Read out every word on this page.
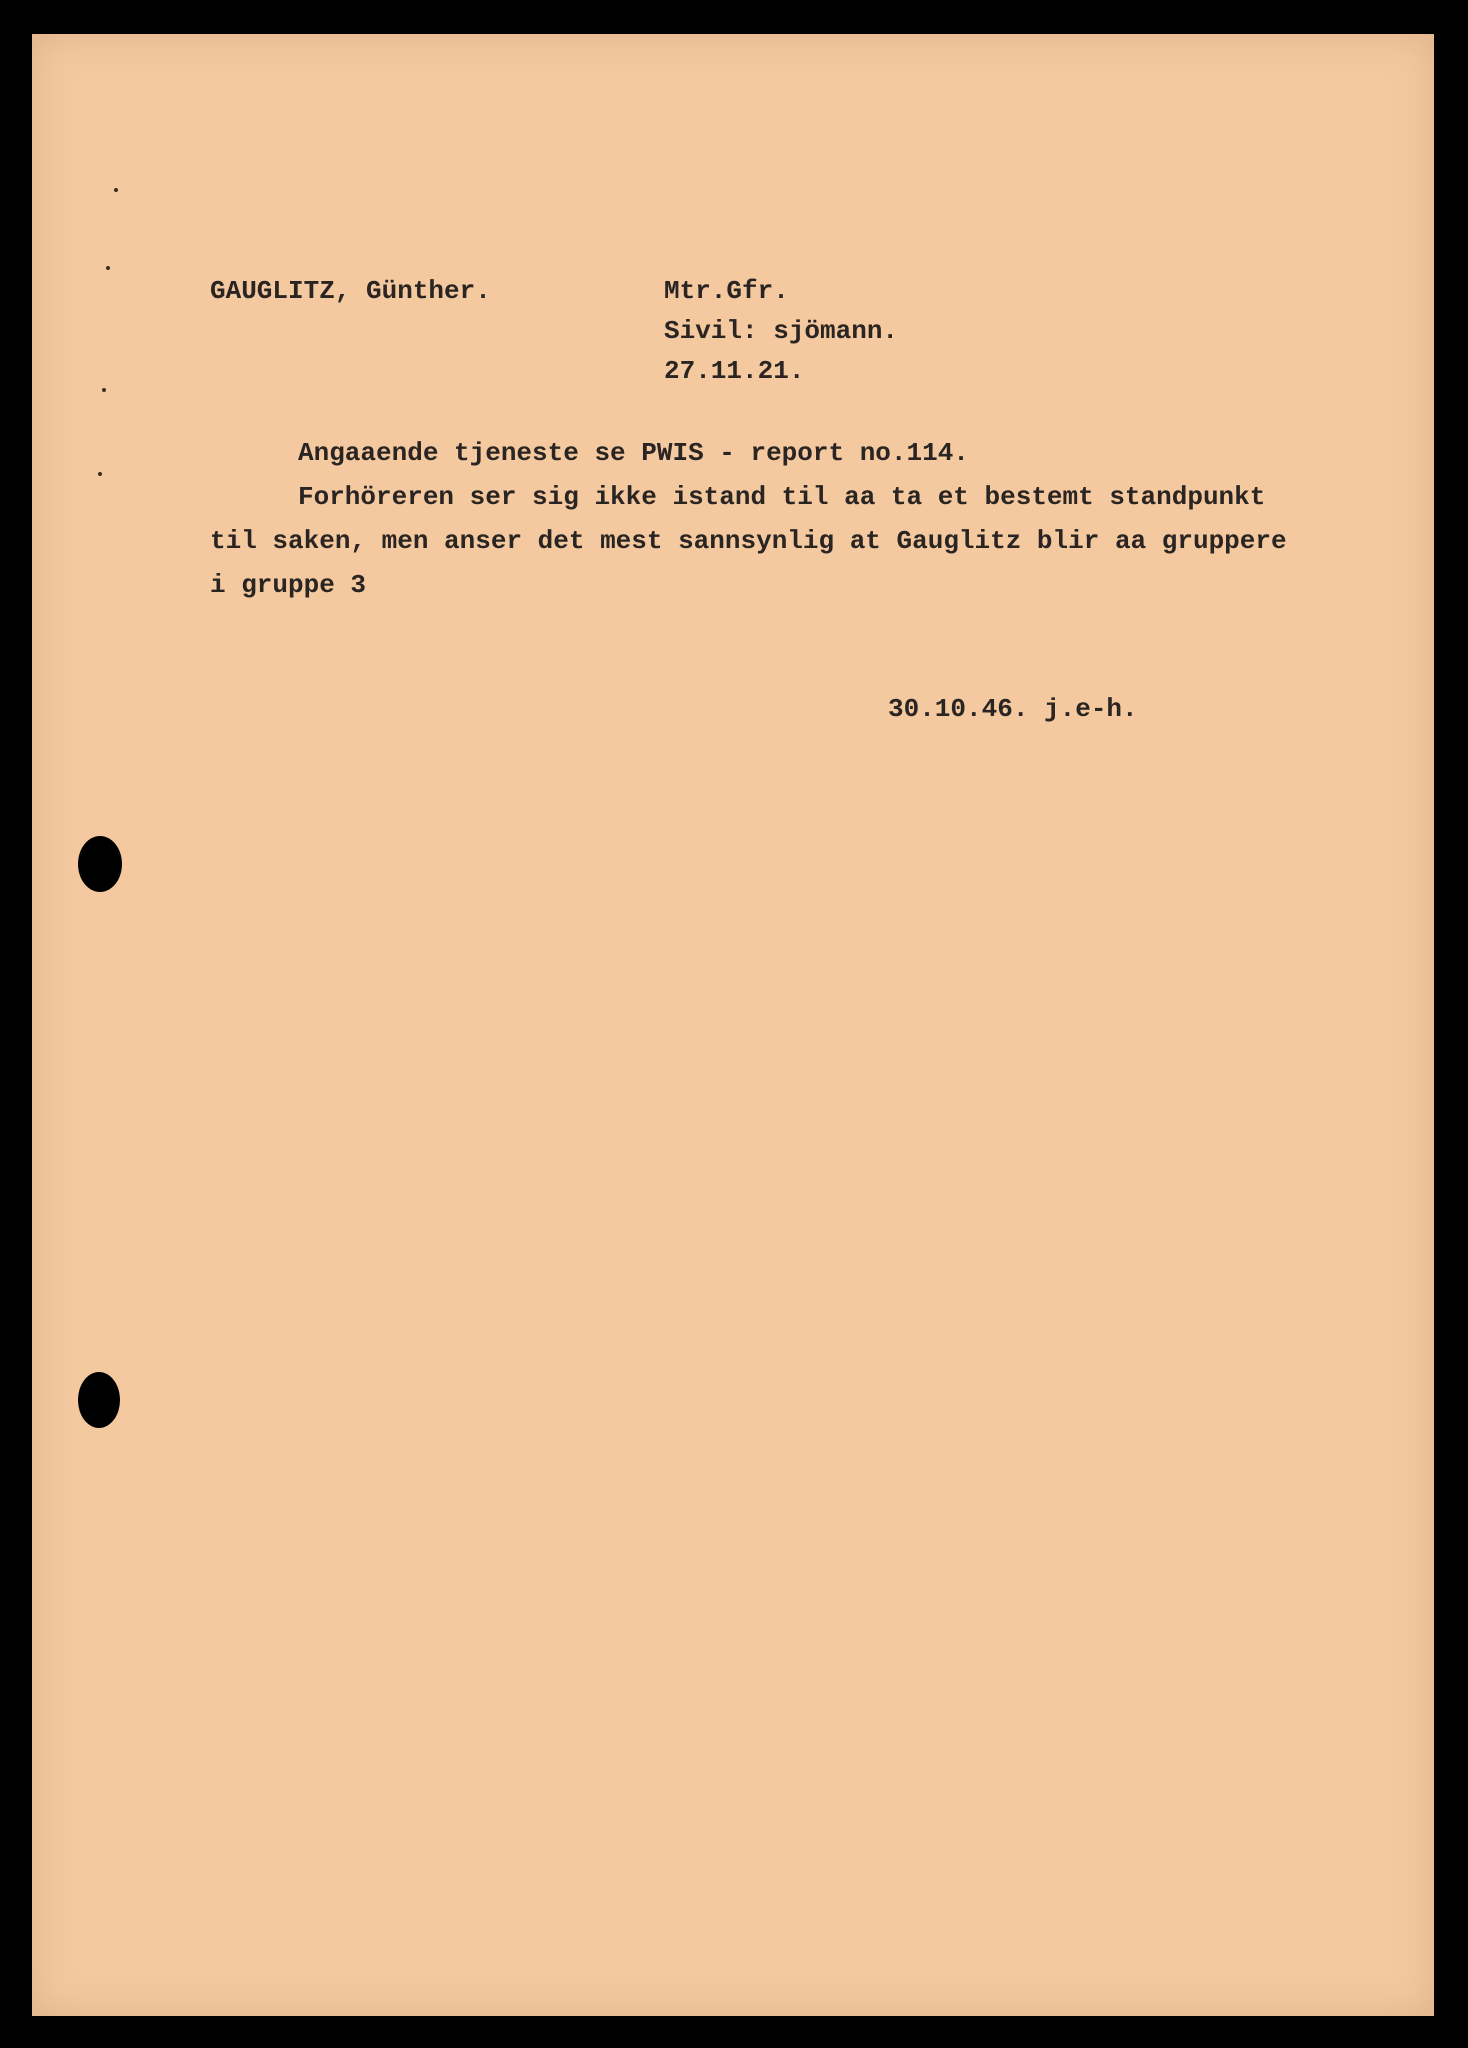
GAUGLITZ, Günther.	Mtr.Gfr.
Sivil: sjömann.
27.11.21.
Angaaende tjeneste se PWIS - report no.114.
Forhöreren ser sig ikke istand til aa ta et bestemt standpunkt
til saken, men anser det mest sannsynlig at Gauglitz blir aa gruppere
i gruppe 3
30.10.46. j.e-h.
